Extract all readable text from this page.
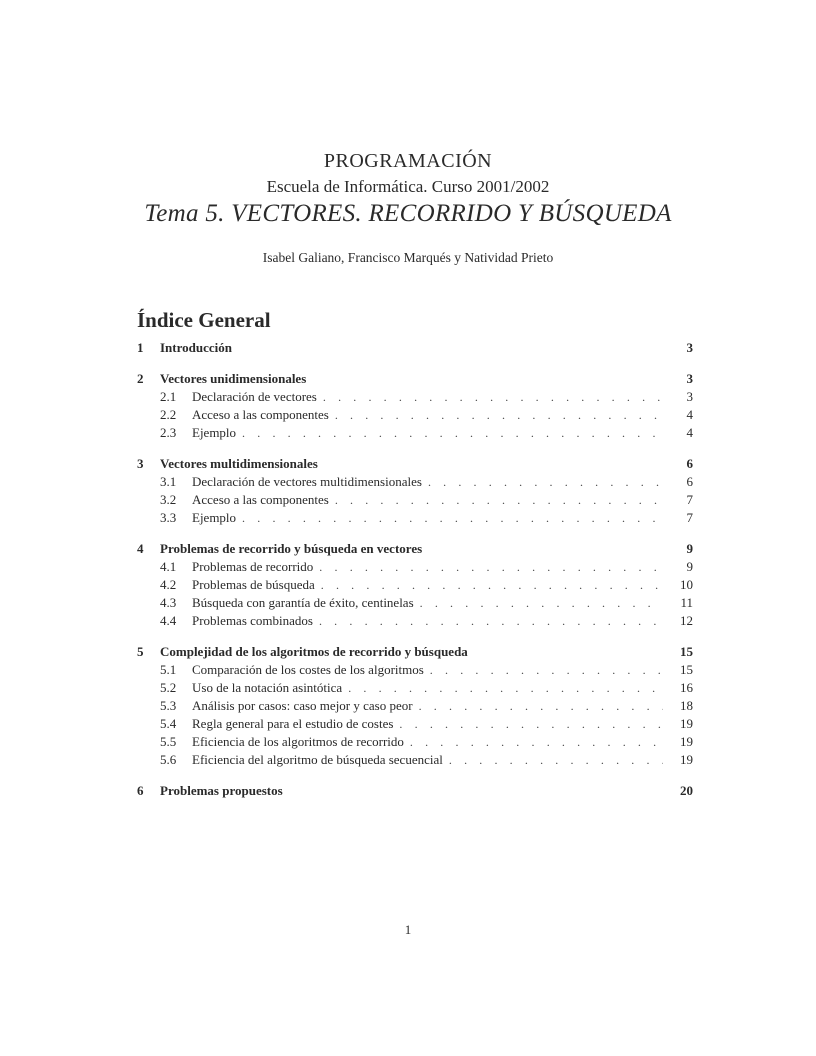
PROGRAMACIÓN
Escuela de Informática. Curso 2001/2002
Tema 5. VECTORES. RECORRIDO Y BÚSQUEDA
Isabel Galiano, Francisco Marqués y Natividad Prieto
Índice General
1	Introducción	3
2	Vectores unidimensionales	3
2.1	Declaración de vectores . . .	3
2.2	Acceso a las componentes . . .	4
2.3	Ejemplo . . .	4
3	Vectores multidimensionales	6
3.1	Declaración de vectores multidimensionales . . .	6
3.2	Acceso a las componentes . . .	7
3.3	Ejemplo . . .	7
4	Problemas de recorrido y búsqueda en vectores	9
4.1	Problemas de recorrido . . .	9
4.2	Problemas de búsqueda . . .	10
4.3	Búsqueda con garantía de éxito, centinelas . . .	11
4.4	Problemas combinados . . .	12
5	Complejidad de los algoritmos de recorrido y búsqueda	15
5.1	Comparación de los costes de los algoritmos . . .	15
5.2	Uso de la notación asintótica . . .	16
5.3	Análisis por casos: caso mejor y caso peor . . .	18
5.4	Regla general para el estudio de costes . . .	19
5.5	Eficiencia de los algoritmos de recorrido . . .	19
5.6	Eficiencia del algoritmo de búsqueda secuencial . . .	19
6	Problemas propuestos	20
1
